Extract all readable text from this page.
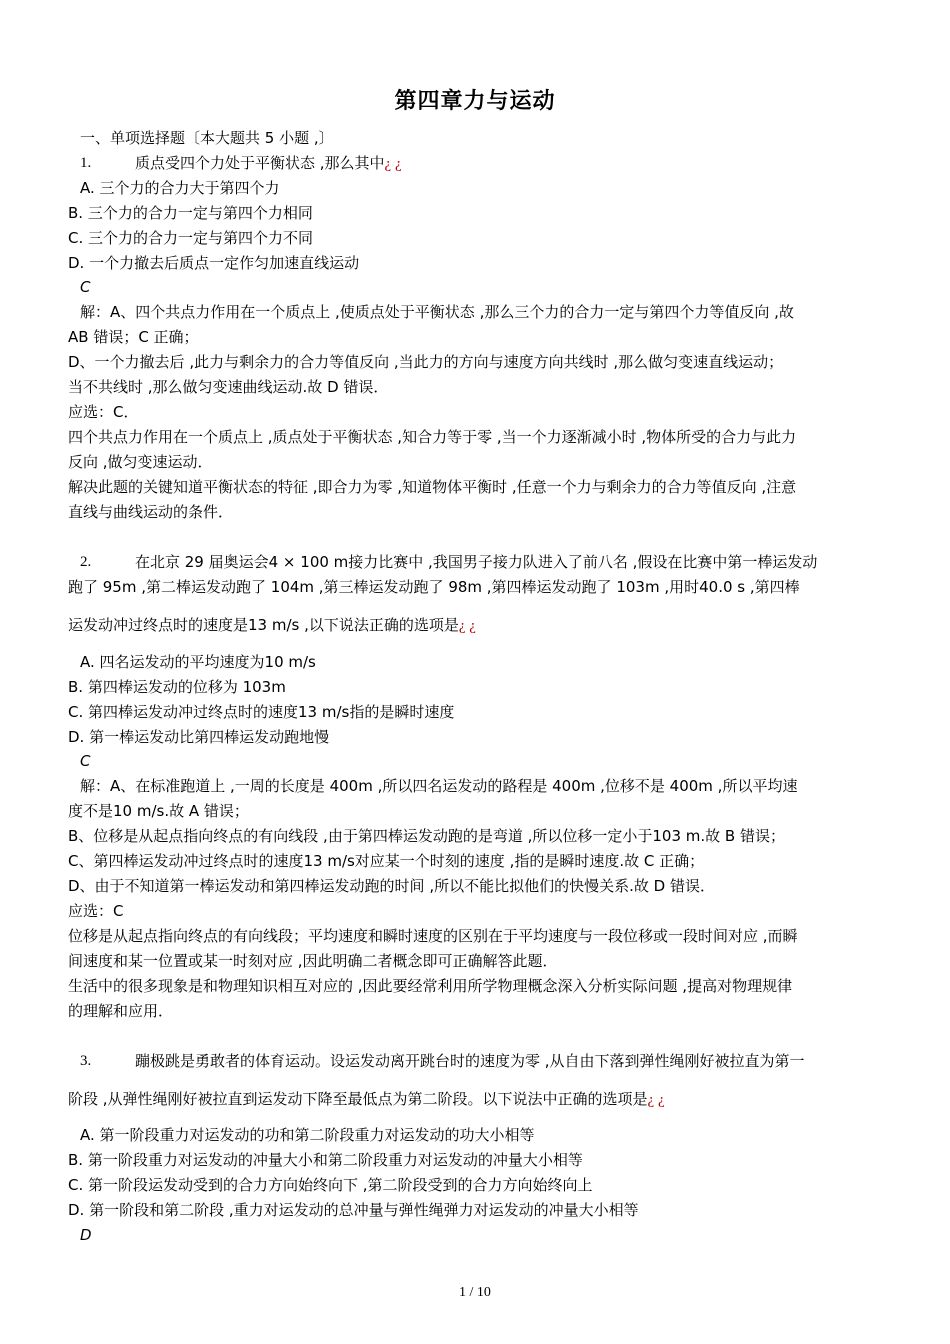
第四章力与运动
一、单项选择题〔本大题共 5 小题 ,〕
1.	质点受四个力处于平衡状态 ,那么其中¿ ¿
A. 三个力的合力大于第四个力
B. 三个力的合力一定与第四个力相同
C. 三个力的合力一定与第四个力不同
D. 一个力撤去后质点一定作匀加速直线运动
C
解：A、四个共点力作用在一个质点上 ,使质点处于平衡状态 ,那么三个力的合力一定与第四个力等值反向 ,故
AB 错误；C 正确；
D、一个力撤去后 ,此力与剩余力的合力等值反向 ,当此力的方向与速度方向共线时 ,那么做匀变速直线运动；
当不共线时 ,那么做匀变速曲线运动.故 D 错误．
应选：C．
四个共点力作用在一个质点上 ,质点处于平衡状态 ,知合力等于零 ,当一个力逐渐减小时 ,物体所受的合力与此力
反向 ,做匀变速运动．
解决此题的关键知道平衡状态的特征 ,即合力为零 ,知道物体平衡时 ,任意一个力与剩余力的合力等值反向 ,注意
直线与曲线运动的条件．
2.	在北京 29 届奥运会4 × 100 m接力比赛中 ,我国男子接力队进入了前八名 ,假设在比赛中第一棒运发动
跑了 95m ,第二棒运发动跑了 104m ,第三棒运发动跑了 98m ,第四棒运发动跑了 103m ,用时40.0 s ,第四棒
运发动冲过终点时的速度是13 m/s ,以下说法正确的选项是¿ ¿
A. 四名运发动的平均速度为10 m/s
B. 第四棒运发动的位移为 103m
C. 第四棒运发动冲过终点时的速度13 m/s指的是瞬时速度
D. 第一棒运发动比第四棒运发动跑地慢
C
解：A、在标准跑道上 ,一周的长度是 400m ,所以四名运发动的路程是 400m ,位移不是 400m ,所以平均速
度不是10 m/s.故 A 错误；
B、位移是从起点指向终点的有向线段 ,由于第四棒运发动跑的是弯道 ,所以位移一定小于103 m.故 B 错误；
C、第四棒运发动冲过终点时的速度13 m/s对应某一个时刻的速度 ,指的是瞬时速度.故 C 正确；
D、由于不知道第一棒运发动和第四棒运发动跑的时间 ,所以不能比拟他们的快慢关系.故 D 错误．
应选：C
位移是从起点指向终点的有向线段；平均速度和瞬时速度的区别在于平均速度与一段位移或一段时间对应 ,而瞬
间速度和某一位置或某一时刻对应 ,因此明确二者概念即可正确解答此题．
生活中的很多现象是和物理知识相互对应的 ,因此要经常利用所学物理概念深入分析实际问题 ,提高对物理规律
的理解和应用．
3.	蹦极跳是勇敢者的体育运动。设运发动离开跳台时的速度为零 ,从自由下落到弹性绳刚好被拉直为第一
阶段 ,从弹性绳刚好被拉直到运发动下降至最低点为第二阶段。以下说法中正确的选项是¿ ¿
A. 第一阶段重力对运发动的功和第二阶段重力对运发动的功大小相等
B. 第一阶段重力对运发动的冲量大小和第二阶段重力对运发动的冲量大小相等
C. 第一阶段运发动受到的合力方向始终向下 ,第二阶段受到的合力方向始终向上
D. 第一阶段和第二阶段 ,重力对运发动的总冲量与弹性绳弹力对运发动的冲量大小相等
D
1 / 10
